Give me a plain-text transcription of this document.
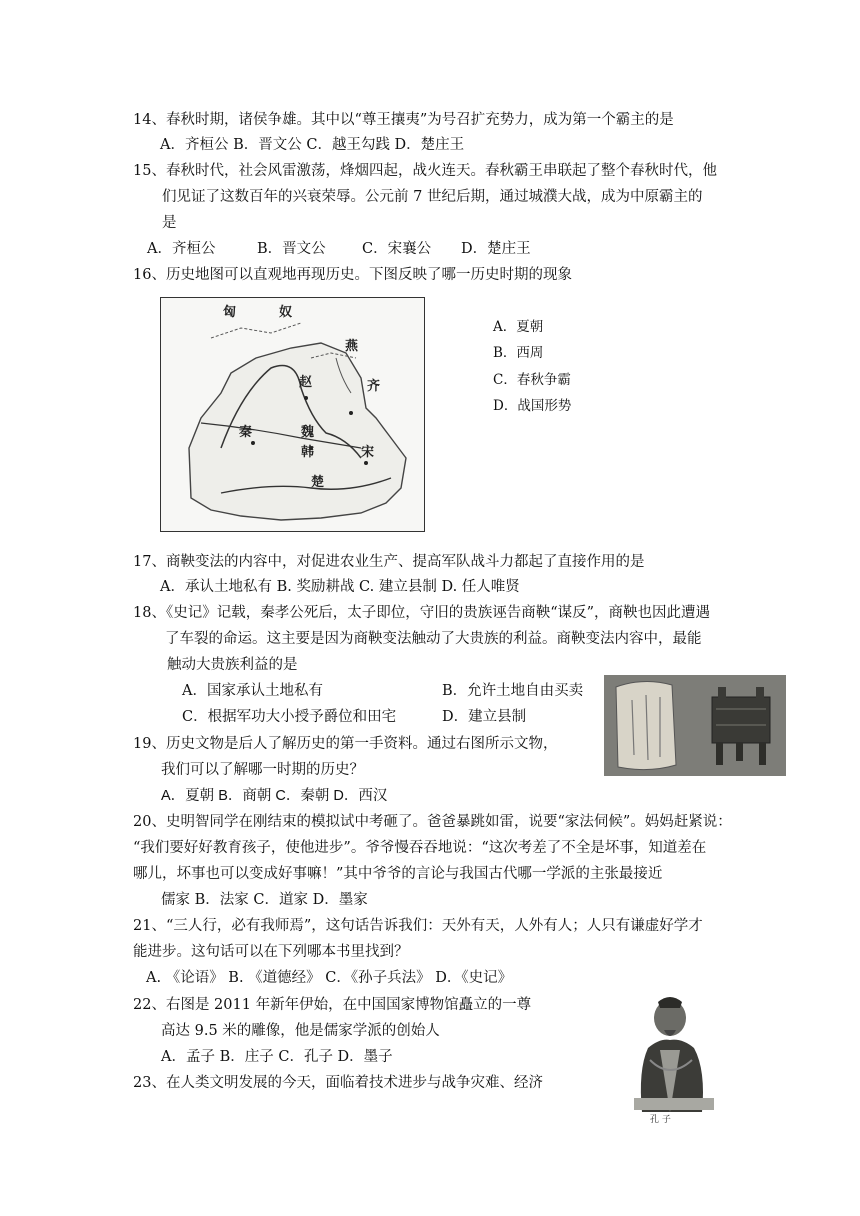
14、春秋时期，诸侯争雄。其中以“尊王攘夷”为号召扩充势力，成为第一个霸主的是
A．齐桓公 B．晋文公 C．越王勾践 D．楚庄王
15、春秋时代，社会风雷激荡，烽烟四起，战火连天。春秋霸王串联起了整个春秋时代，他
们见证了这数百年的兴衰荣辱。公元前 7 世纪后期，通过城濮大战，成为中原霸主的
是
A．齐桓公	B．晋文公	C．宋襄公 D．楚庄王
16、历史地图可以直观地再现历史。下图反映了哪一历史时期的现象
匈	奴
燕
赵	齐
秦	魏
韩	宋
楚
A．夏朝
B．西周
C．春秋争霸
D．战国形势
17、商鞅变法的内容中，对促进农业生产、提高军队战斗力都起了直接作用的是
A．承认土地私有 B. 奖励耕战 C. 建立县制 D. 任人唯贤
18、《史记》记载，秦孝公死后，太子即位，守旧的贵族诬告商鞅“谋反”，商鞅也因此遭遇
了车裂的命运。这主要是因为商鞅变法触动了大贵族的利益。商鞅变法内容中，最能
触动大贵族利益的是
A．国家承认土地私有	B．允许土地自由买卖
C．根据军功大小授予爵位和田宅	D．建立县制
19、历史文物是后人了解历史的第一手资料。通过右图所示文物，
我们可以了解哪一时期的历史？
A．夏朝 B．商朝 C．秦朝 D．西汉
20、史明智同学在刚结束的模拟试中考砸了。爸爸暴跳如雷，说要“家法伺候”。妈妈赶紧说：
“我们要好好教育孩子，使他进步”。爷爷慢吞吞地说：“这次考差了不全是坏事，知道差在
哪儿，坏事也可以变成好事嘛！”其中爷爷的言论与我国古代哪一学派的主张最接近
儒家 B．法家 C．道家 D．墨家
21、“三人行，必有我师焉”，这句话告诉我们：天外有天，人外有人；人只有谦虚好学才
能进步。这句话可以在下列哪本书里找到？
A. 《论语》 B. 《道德经》 C．《孙子兵法》 D．《史记》
22、右图是 2011 年新年伊始，在中国国家博物馆矗立的一尊
高达 9.5 米的雕像，他是儒家学派的创始人
A．孟子 B．庄子 C．孔子 D．墨子
孔 子
23、在人类文明发展的今天，面临着技术进步与战争灾难、经济
